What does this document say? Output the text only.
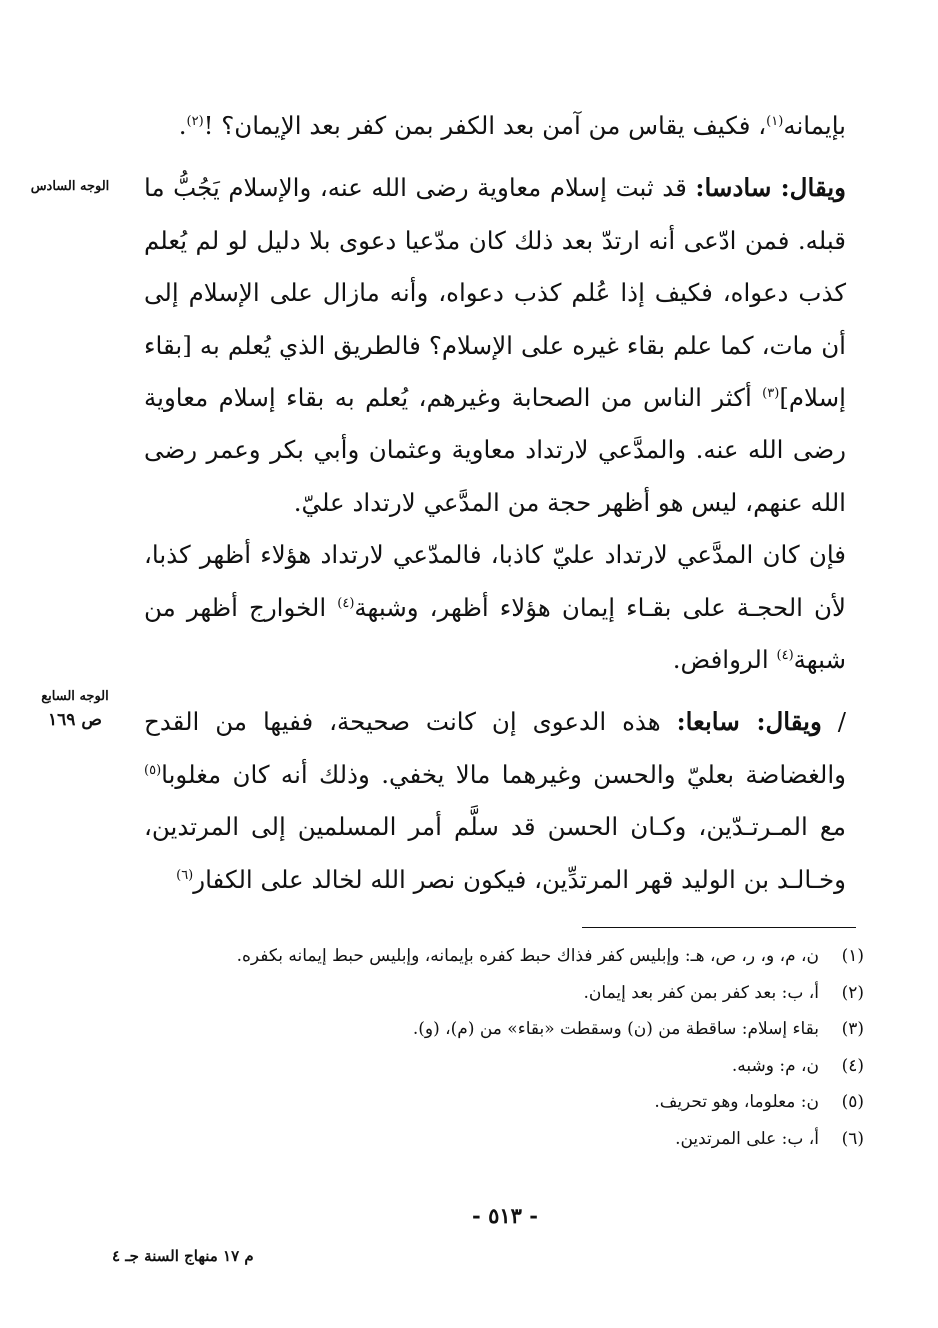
الوجه السادس
الوجه السابع
ص ١٦٩

بإيمانه$^{(١)}$، فكيف يقاس من آمن بعد الكفر بمن كفر بعد الإيمان؟ !$^{(٢)}$.

ويقال: سادسا: قد ثبت إسلام معاوية رضى الله عنه، والإسلام يَجُبُّ ما قبله. فمن ادّعى أنه ارتدّ بعد ذلك كان مدّعيا دعوى بلا دليل لو لم يُعلم كذب دعواه، فكيف إذا عُلم كذب دعواه، وأنه مازال على الإسلام إلى أن مات، كما علم بقاء غيره على الإسلام؟ فالطريق الذي يُعلم به [بقاء إسلام]$^{(٣)}$ أكثر الناس من الصحابة وغيرهم، يُعلم به بقاء إسلام معاوية رضى الله عنه. والمدَّعي لارتداد معاوية وعثمان وأبي بكر وعمر رضى الله عنهم، ليس هو أظهر حجة من المدَّعي لارتداد عليّ.

فإن كان المدَّعي لارتداد عليّ كاذبا، فالمدّعي لارتداد هؤلاء أظهر كذبا، لأن الحجـة على بقـاء إيمان هؤلاء أظهر، وشبهة$^{(٤)}$ الخوارج أظهر من شبهة$^{(٤)}$ الروافض.

/ ويقال: سابعا: هذه الدعوى إن كانت صحيحة، ففيها من القدح والغضاضة بعليّ والحسن وغيرهما مالا يخفي. وذلك أنه كان مغلوبا$^{(٥)}$ مع المـرتـدّين، وكـان الحسن قد سلَّم أمر المسلمين إلى المرتدين، وخـالـد بن الوليد قهر المرتدِّين، فيكون نصر الله لخالد على الكفار$^{(٦)}$

(١)
ن، م، و، ر، ص، هـ: وإبليس كفر فذاك حبط كفره بإيمانه، وإبليس حبط إيمانه بكفره.
(٢)
أ، ب: بعد كفر بمن كفر بعد إيمان.
(٣)
بقاء إسلام: ساقطة من (ن) وسقطت «بقاء» من (م)، (و).
(٤)
ن، م: وشبه.
(٥)
ن: معلوما، وهو تحريف.
(٦)
أ، ب: على المرتدين.
- ٥١٣ -
م ١٧ منهاج السنة جـ ٤
